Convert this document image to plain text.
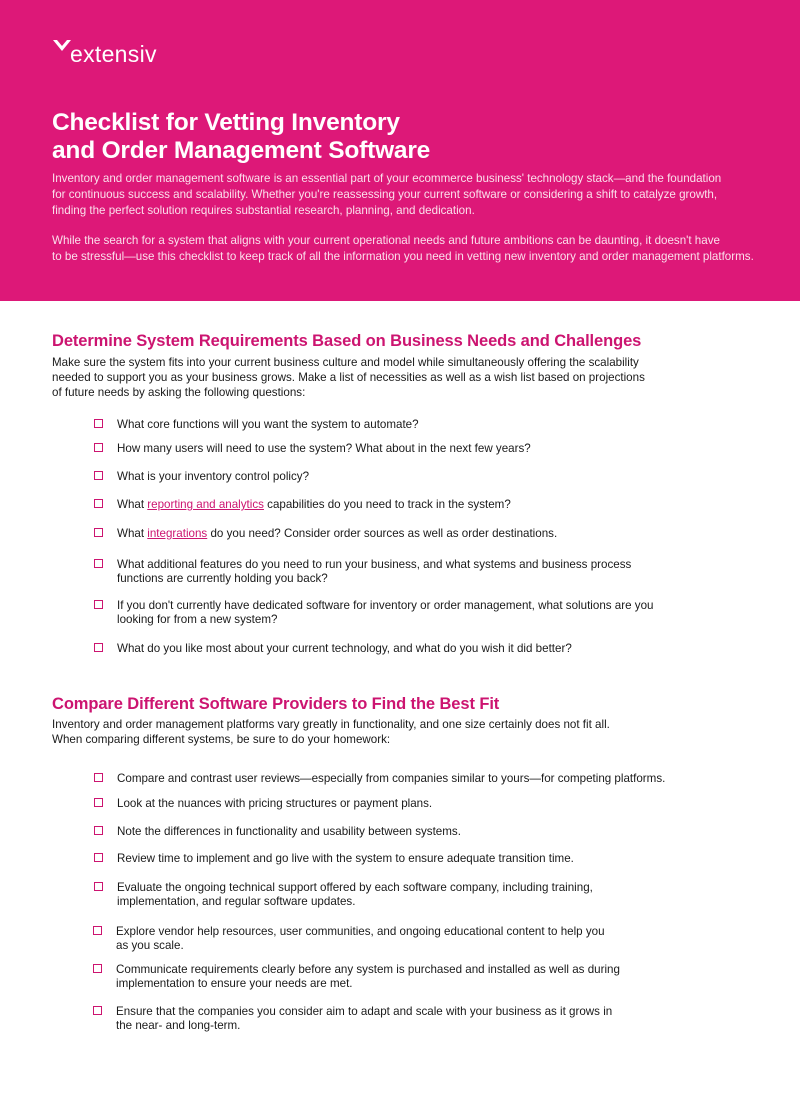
extensiv
Checklist for Vetting Inventory
and Order Management Software

Inventory and order management software is an essential part of your ecommerce business' technology stack—and the foundation
for continuous success and scalability. Whether you're reassessing your current software or considering a shift to catalyze growth,
finding the perfect solution requires substantial research, planning, and dedication.

While the search for a system that aligns with your current operational needs and future ambitions can be daunting, it doesn't have
to be stressful—use this checklist to keep track of all the information you need in vetting new inventory and order management platforms.

Determine System Requirements Based on Business Needs and Challenges

Make sure the system fits into your current business culture and model while simultaneously offering the scalability
needed to support you as your business grows. Make a list of necessities as well as a wish list based on projections
of future needs by asking the following questions:

What core functions will you want the system to automate?
How many users will need to use the system? What about in the next few years?
What is your inventory control policy?
What reporting and analytics capabilities do you need to track in the system?
What integrations do you need? Consider order sources as well as order destinations.
What additional features do you need to run your business, and what systems and business process
functions are currently holding you back?
If you don't currently have dedicated software for inventory or order management, what solutions are you
looking for from a new system?
What do you like most about your current technology, and what do you wish it did better?
Compare Different Software Providers to Find the Best Fit

Inventory and order management platforms vary greatly in functionality, and one size certainly does not fit all.
When comparing different systems, be sure to do your homework:

Compare and contrast user reviews—especially from companies similar to yours—for competing platforms.
Look at the nuances with pricing structures or payment plans.
Note the differences in functionality and usability between systems.
Review time to implement and go live with the system to ensure adequate transition time.
Evaluate the ongoing technical support offered by each software company, including training,
implementation, and regular software updates.
Explore vendor help resources, user communities, and ongoing educational content to help you
as you scale.
Communicate requirements clearly before any system is purchased and installed as well as during
implementation to ensure your needs are met.
Ensure that the companies you consider aim to adapt and scale with your business as it grows in
the near- and long-term.
